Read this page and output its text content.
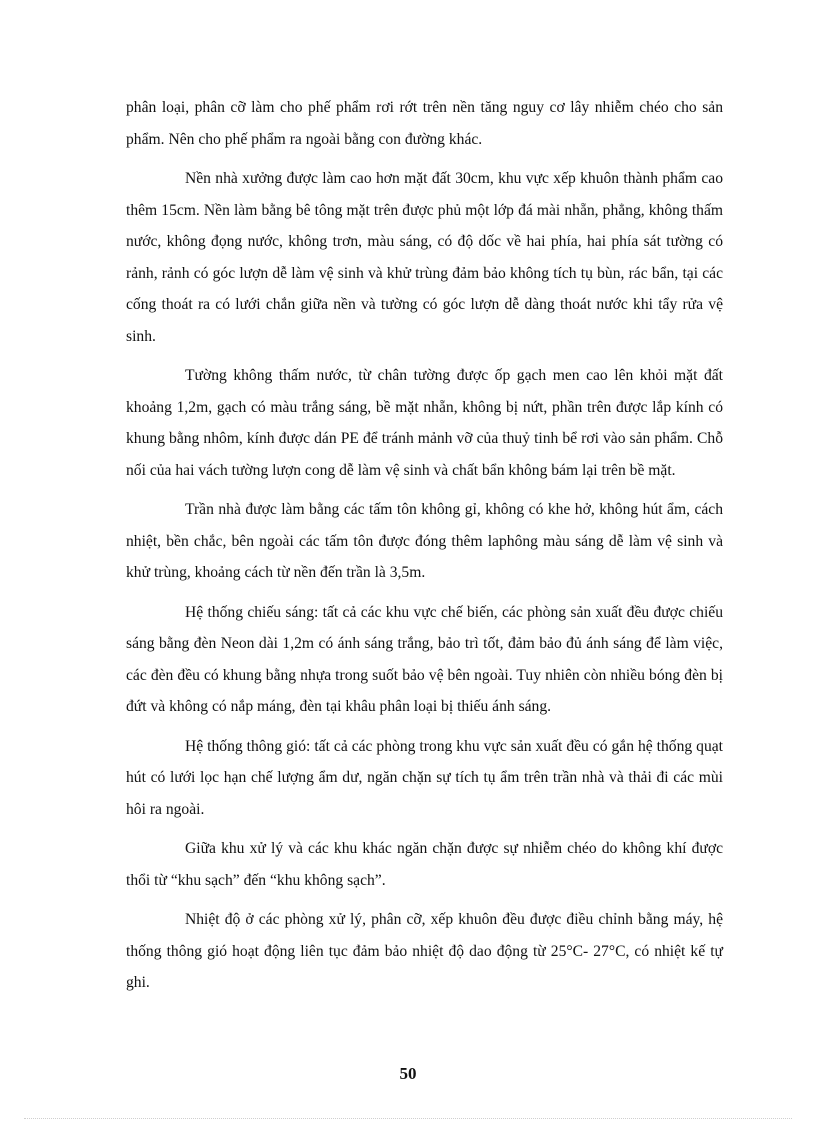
phân loại, phân cỡ làm cho phế phẩm rơi rớt trên nền tăng nguy cơ lây nhiễm chéo cho sản phẩm. Nên cho phế phẩm ra ngoài bằng con đường khác.

Nền nhà xưởng được làm cao hơn mặt đất 30cm, khu vực xếp khuôn thành phẩm cao thêm 15cm. Nền làm bằng bê tông mặt trên được phủ một lớp đá mài nhẵn, phẳng, không thấm nước, không đọng nước, không trơn, màu sáng, có độ dốc về hai phía, hai phía sát tường có rảnh, rảnh có góc lượn dễ làm vệ sinh và khử trùng đảm bảo không tích tụ bùn, rác bẩn, tại các cống thoát ra có lưới chắn giữa nền và tường có góc lượn dễ dàng thoát nước khi tẩy rửa vệ sinh.

Tường không thấm nước, từ chân tường được ốp gạch men cao lên khỏi mặt đất khoảng 1,2m, gạch có màu trắng sáng, bề mặt nhẵn, không bị nứt, phần trên được lắp kính có khung bằng nhôm, kính được dán PE để tránh mảnh vỡ của thuỷ tinh bể rơi vào sản phẩm. Chỗ nối của hai vách tường lượn cong dễ làm vệ sinh và chất bẩn không bám lại trên bề mặt.

Trần nhà được làm bằng các tấm tôn không gỉ, không có khe hở, không hút ẩm, cách nhiệt, bền chắc, bên ngoài các tấm tôn được đóng thêm laphông màu sáng dễ làm vệ sinh và khử trùng, khoảng cách từ nền đến trần là 3,5m.

Hệ thống chiếu sáng: tất cả các khu vực chế biến, các phòng sản xuất đều được chiếu sáng bằng đèn Neon dài 1,2m có ánh sáng trắng, bảo trì tốt, đảm bảo đủ ánh sáng để làm việc, các đèn đều có khung bằng nhựa trong suốt bảo vệ bên ngoài. Tuy nhiên còn nhiều bóng đèn bị đứt và không có nắp máng, đèn tại khâu phân loại bị thiếu ánh sáng.

Hệ thống thông gió: tất cả các phòng trong khu vực sản xuất đều có gắn hệ thống quạt hút có lưới lọc hạn chế lượng ẩm dư, ngăn chặn sự tích tụ ẩm trên trần nhà và thải đi các mùi hôi ra ngoài.

Giữa khu xử lý và các khu khác ngăn chặn được sự nhiễm chéo do không khí được thổi từ “khu sạch” đến “khu không sạch”.

Nhiệt độ ở các phòng xử lý, phân cỡ, xếp khuôn đều được điều chỉnh bằng máy, hệ thống thông gió hoạt động liên tục đảm bảo nhiệt độ dao động từ 25°C- 27°C, có nhiệt kế tự ghi.

50
